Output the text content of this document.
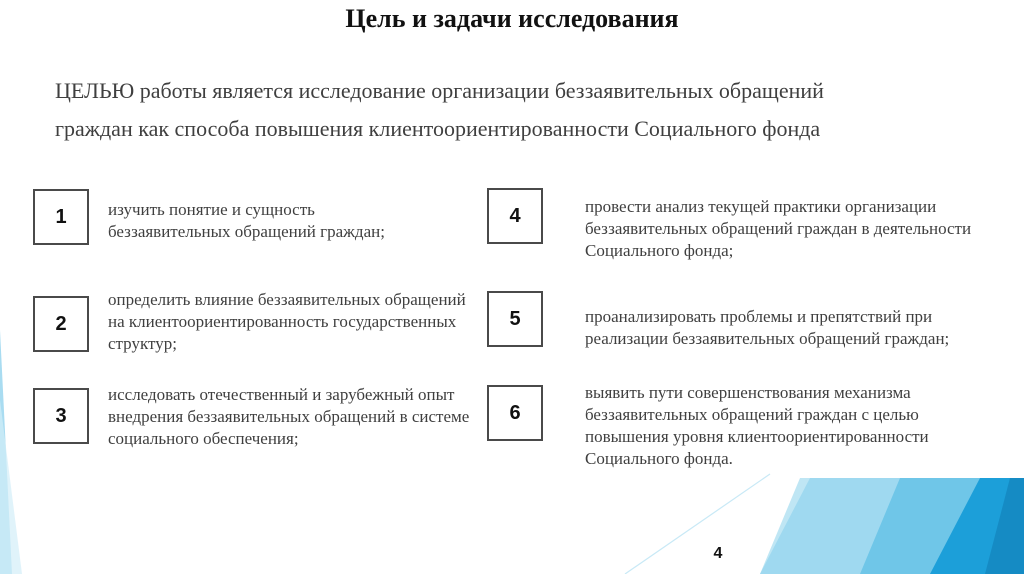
Цель и задачи исследования
ЦЕЛЬЮ работы является исследование организации беззаявительных обращений
граждан как способа повышения клиентоориентированности Социального фонда
1	изучить понятие и сущность беззаявительных обращений граждан;
2
определить влияние беззаявительных обращений на клиентоориентированность государственных структур;
3
исследовать отечественный и зарубежный опыт внедрения беззаявительных обращений в системе социального обеспечения;
4	провести анализ текущей практики организации беззаявительных обращений граждан в деятельности Социального фонда;
5	проанализировать проблемы и препятствий при реализации беззаявительных обращений граждан;
6
выявить пути совершенствования механизма беззаявительных обращений граждан с целью повышения уровня клиентоориентированности Социального фонда.
4
